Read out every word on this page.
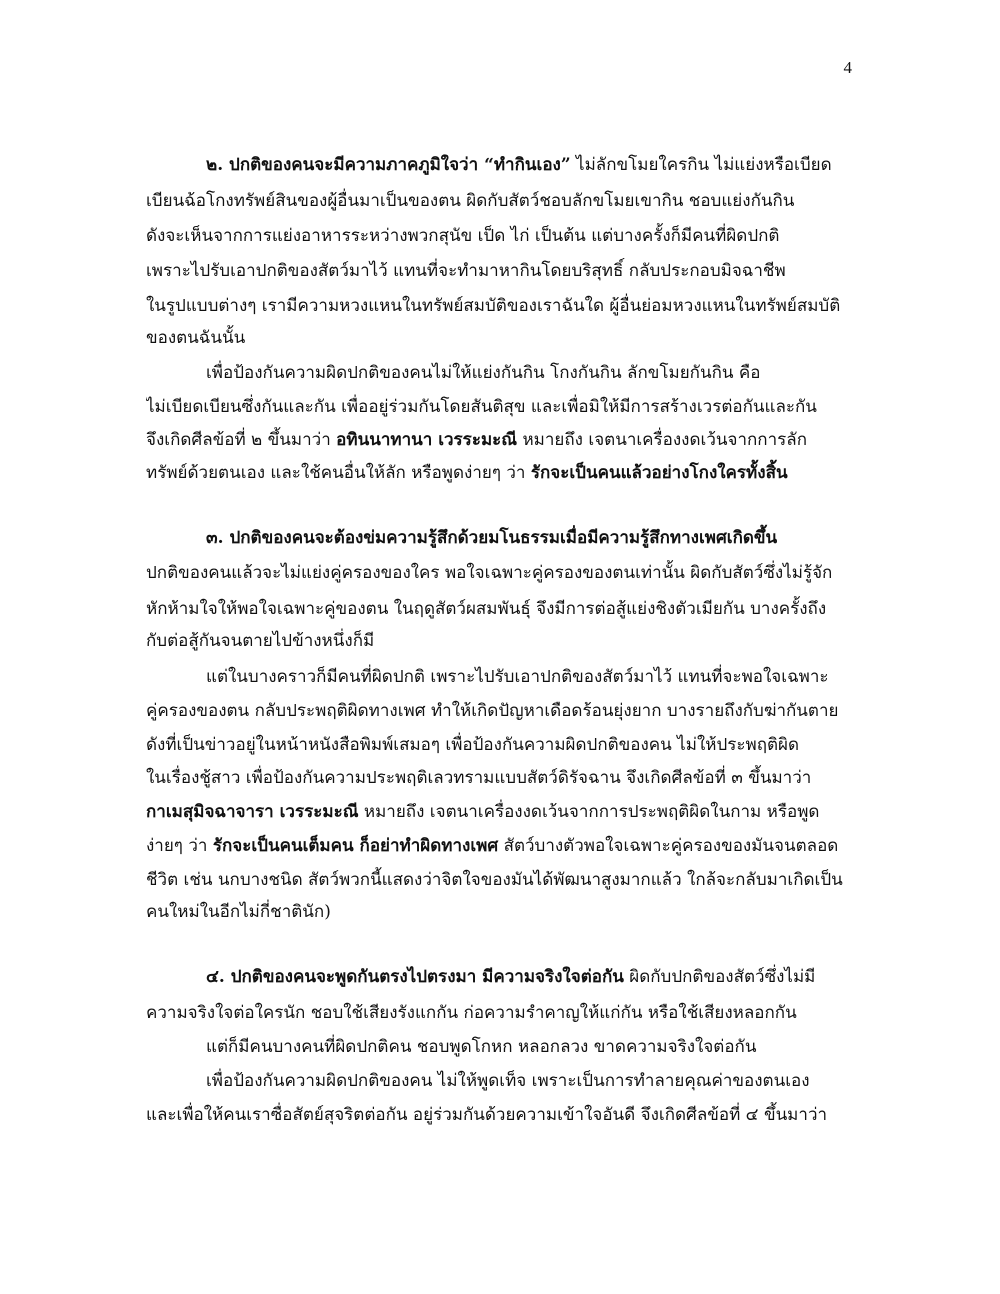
4
๒. ปกติของคนจะมีความภาคภูมิใจว่า “ทำกินเอง” ไม่ลักขโมยใครกิน ไม่แย่งหรือเบียด
เบียนฉ้อโกงทรัพย์สินของผู้อื่นมาเป็นของตน ผิดกับสัตว์ชอบลักขโมยเขากิน ชอบแย่งกันกิน
ดังจะเห็นจากการแย่งอาหารระหว่างพวกสุนัข เป็ด ไก่ เป็นต้น แต่บางครั้งก็มีคนที่ผิดปกติ
เพราะไปรับเอาปกติของสัตว์มาไว้ แทนที่จะทำมาหากินโดยบริสุทธิ์ กลับประกอบมิจฉาชีพ
ในรูปแบบต่างๆ เรามีความหวงแหนในทรัพย์สมบัติของเราฉันใด ผู้อื่นย่อมหวงแหนในทรัพย์สมบัติ
ของตนฉันนั้น
เพื่อป้องกันความผิดปกติของคนไม่ให้แย่งกันกิน โกงกันกิน ลักขโมยกันกิน คือ
ไม่เบียดเบียนซึ่งกันและกัน เพื่ออยู่ร่วมกันโดยสันติสุข และเพื่อมิให้มีการสร้างเวรต่อกันและกัน
จึงเกิดศีลข้อที่ ๒ ขึ้นมาว่า อทินนาทานา เวรระมะณี หมายถึง เจตนาเครื่องงดเว้นจากการลัก
ทรัพย์ด้วยตนเอง และใช้คนอื่นให้ลัก หรือพูดง่ายๆ ว่า รักจะเป็นคนแล้วอย่างโกงใครทั้งสิ้น
๓. ปกติของคนจะต้องข่มความรู้สึกด้วยมโนธรรมเมื่อมีความรู้สึกทางเพศเกิดขึ้น
ปกติของคนแล้วจะไม่แย่งคู่ครองของใคร พอใจเฉพาะคู่ครองของตนเท่านั้น ผิดกับสัตว์ซึ่งไม่รู้จัก
หักห้ามใจให้พอใจเฉพาะคู่ของตน ในฤดูสัตว์ผสมพันธุ์ จึงมีการต่อสู้แย่งชิงตัวเมียกัน บางครั้งถึง
กับต่อสู้กันจนตายไปข้างหนึ่งก็มี
แต่ในบางคราวก็มีคนที่ผิดปกติ เพราะไปรับเอาปกติของสัตว์มาไว้ แทนที่จะพอใจเฉพาะ
คู่ครองของตน กลับประพฤติผิดทางเพศ ทำให้เกิดปัญหาเดือดร้อนยุ่งยาก บางรายถึงกับฆ่ากันตาย
ดังที่เป็นข่าวอยู่ในหน้าหนังสือพิมพ์เสมอๆ เพื่อป้องกันความผิดปกติของคน ไม่ให้ประพฤติผิด
ในเรื่องชู้สาว เพื่อป้องกันความประพฤติเลวทรามแบบสัตว์ดิรัจฉาน จึงเกิดศีลข้อที่ ๓ ขึ้นมาว่า
กาเมสุมิจฉาจารา เวรระมะณี หมายถึง เจตนาเครื่องงดเว้นจากการประพฤติผิดในกาม หรือพูด
ง่ายๆ ว่า รักจะเป็นคนเต็มคน ก็อย่าทำผิดทางเพศ สัตว์บางตัวพอใจเฉพาะคู่ครองของมันจนตลอด
ชีวิต เช่น นกบางชนิด สัตว์พวกนี้แสดงว่าจิตใจของมันได้พัฒนาสูงมากแล้ว ใกล้จะกลับมาเกิดเป็น
คนใหม่ในอีกไม่กี่ชาตินัก)
๔. ปกติของคนจะพูดกันตรงไปตรงมา มีความจริงใจต่อกัน ผิดกับปกติของสัตว์ซึ่งไม่มี
ความจริงใจต่อใครนัก ชอบใช้เสียงรังแกกัน ก่อความรำคาญให้แก่กัน หรือใช้เสียงหลอกกัน
แต่ก็มีคนบางคนที่ผิดปกติคน ชอบพูดโกหก หลอกลวง ขาดความจริงใจต่อกัน
เพื่อป้องกันความผิดปกติของคน ไม่ให้พูดเท็จ เพราะเป็นการทำลายคุณค่าของตนเอง
และเพื่อให้คนเราซื่อสัตย์สุจริตต่อกัน อยู่ร่วมกันด้วยความเข้าใจอันดี จึงเกิดศีลข้อที่ ๔ ขึ้นมาว่า
